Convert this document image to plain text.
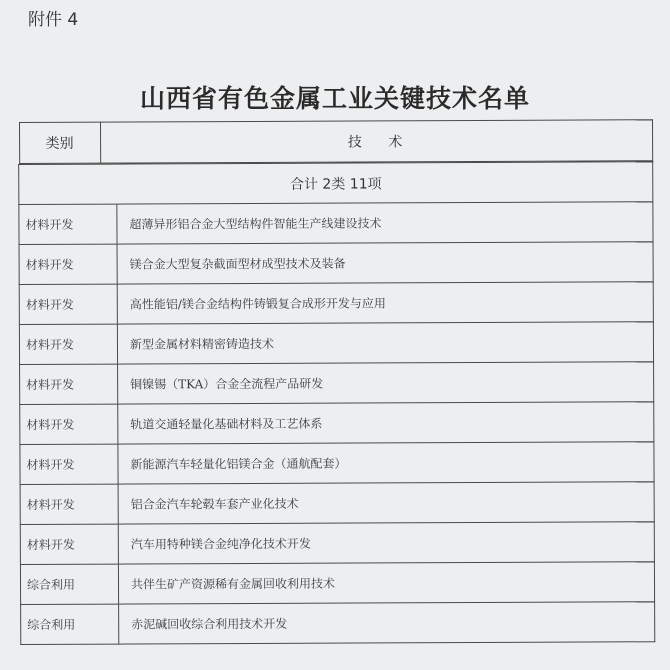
附件 4
山西省有色金属工业关键技术名单
类别	技 术

合计 2类 11项
材料开发	超薄异形铝合金大型结构件智能生产线建设技术
材料开发	镁合金大型复杂截面型材成型技术及装备
材料开发	高性能铝/镁合金结构件铸锻复合成形开发与应用
材料开发	新型金属材料精密铸造技术
材料开发	铜镍锡（TKA）合金全流程产品研发
材料开发	轨道交通轻量化基础材料及工艺体系
材料开发	新能源汽车轻量化铝镁合金（通航配套）
材料开发	铝合金汽车轮毂车套产业化技术
材料开发	汽车用特种镁合金纯净化技术开发
综合利用	共伴生矿产资源稀有金属回收利用技术
综合利用	赤泥碱回收综合利用技术开发
